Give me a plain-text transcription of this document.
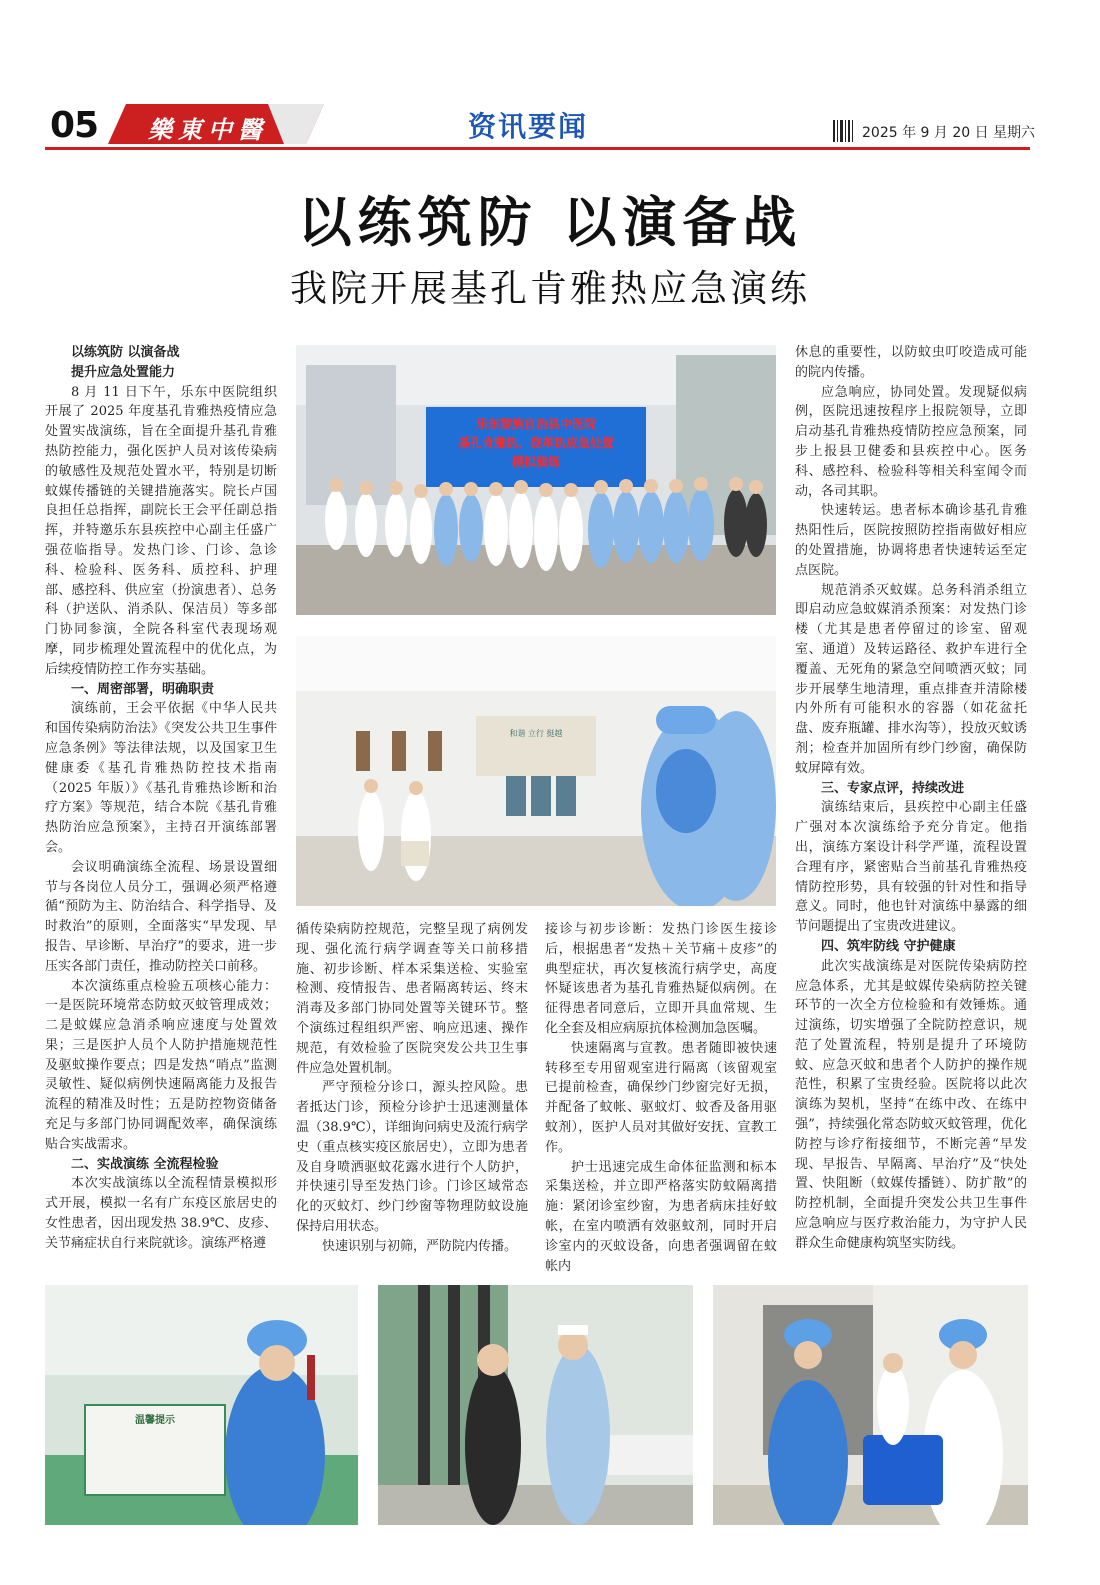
05 樂東中醫	资讯要闻	2025 年 9 月 20 日 星期六
以练筑防 以演备战
我院开展基孔肯雅热应急演练
以练筑防 以演备战
提升应急处置能力

8 月 11 日下午，乐东中医院组织开展了 2025 年度基孔肯雅热疫情应急处置实战演练，旨在全面提升基孔肯雅热防控能力，强化医护人员对该传染病的敏感性及规范处置水平，特别是切断蚊媒传播链的关键措施落实。院长卢国良担任总指挥，副院长王会平任副总指挥，并特邀乐东县疾控中心副主任盛广强莅临指导。发热门诊、门诊、急诊科、检验科、医务科、质控科、护理部、感控科、供应室（扮演患者）、总务科（护送队、消杀队、保洁员）等多部门协同参演，全院各科室代表现场观摩，同步梳理处置流程中的优化点，为后续疫情防控工作夯实基础。

一、周密部署，明确职责

演练前，王会平依据《中华人民共和国传染病防治法》《突发公共卫生事件应急条例》等法律法规，以及国家卫生健康委《基孔肯雅热防控技术指南（2025 年版）》《基孔肯雅热诊断和治疗方案》等规范，结合本院《基孔肯雅热防治应急预案》，主持召开演练部署会。

会议明确演练全流程、场景设置细节与各岗位人员分工，强调必须严格遵循“预防为主、防治结合、科学指导、及时救治”的原则，全面落实“早发现、早报告、早诊断、早治疗”的要求，进一步压实各部门责任，推动防控关口前移。

本次演练重点检验五项核心能力：一是医院环境常态防蚊灭蚊管理成效；二是蚊媒应急消杀响应速度与处置效果；三是医护人员个人防护措施规范性及驱蚊操作要点；四是发热“哨点”监测灵敏性、疑似病例快速隔离能力及报告流程的精准及时性；五是防控物资储备充足与多部门协同调配效率，确保演练贴合实战需求。

二、实战演练 全流程检验

本次实战演练以全流程情景模拟形式开展，模拟一名有广东疫区旅居史的女性患者，因出现发热 38.9℃、皮疹、关节痛症状自行来院就诊。演练严格遵

乐东黎族自治县中医院
基孔肯雅热、登革热应急处置
模拟演练
和谐 立行 挺越

循传染病防控规范，完整呈现了病例发现、强化流行病学调查等关口前移措施、初步诊断、样本采集送检、实验室检测、疫情报告、患者隔离转运、终末消毒及多部门协同处置等关键环节。整个演练过程组织严密、响应迅速、操作规范，有效检验了医院突发公共卫生事件应急处置机制。

严守预检分诊口，源头控风险。患者抵达门诊，预检分诊护士迅速测量体温（38.9℃），详细询问病史及流行病学史（重点核实疫区旅居史），立即为患者及自身喷洒驱蚊花露水进行个人防护，并快速引导至发热门诊。门诊区域常态化的灭蚊灯、纱门纱窗等物理防蚊设施保持启用状态。

快速识别与初筛，严防院内传播。

接诊与初步诊断：发热门诊医生接诊后，根据患者“发热＋关节痛＋皮疹”的典型症状，再次复核流行病学史，高度怀疑该患者为基孔肯雅热疑似病例。在征得患者同意后，立即开具血常规、生化全套及相应病原抗体检测加急医嘱。

快速隔离与宣教。患者随即被快速转移至专用留观室进行隔离（该留观室已提前检查，确保纱门纱窗完好无损，并配备了蚊帐、驱蚊灯、蚊香及备用驱蚊剂），医护人员对其做好安抚、宣教工作。

护士迅速完成生命体征监测和标本采集送检，并立即严格落实防蚊隔离措施：紧闭诊室纱窗，为患者病床挂好蚊帐，在室内喷洒有效驱蚊剂，同时开启诊室内的灭蚊设备，向患者强调留在蚊帐内

休息的重要性，以防蚊虫叮咬造成可能的院内传播。

应急响应，协同处置。发现疑似病例，医院迅速按程序上报院领导，立即启动基孔肯雅热疫情防控应急预案，同步上报县卫健委和县疾控中心。医务科、感控科、检验科等相关科室闻令而动，各司其职。

快速转运。患者标本确诊基孔肯雅热阳性后，医院按照防控指南做好相应的处置措施，协调将患者快速转运至定点医院。

规范消杀灭蚊媒。总务科消杀组立即启动应急蚊媒消杀预案：对发热门诊楼（尤其是患者停留过的诊室、留观室、通道）及转运路径、救护车进行全覆盖、无死角的紧急空间喷洒灭蚊；同步开展孳生地清理，重点排查并清除楼内外所有可能积水的容器（如花盆托盘、废弃瓶罐、排水沟等），投放灭蚊诱剂；检查并加固所有纱门纱窗，确保防蚊屏障有效。

三、专家点评，持续改进

演练结束后，县疾控中心副主任盛广强对本次演练给予充分肯定。他指出，演练方案设计科学严谨，流程设置合理有序，紧密贴合当前基孔肯雅热疫情防控形势，具有较强的针对性和指导意义。同时，他也针对演练中暴露的细节问题提出了宝贵改进建议。

四、筑牢防线 守护健康

此次实战演练是对医院传染病防控应急体系，尤其是蚊媒传染病防控关键环节的一次全方位检验和有效锤炼。通过演练，切实增强了全院防控意识，规范了处置流程，特别是提升了环境防蚊、应急灭蚊和患者个人防护的操作规范性，积累了宝贵经验。医院将以此次演练为契机，坚持“在练中改、在练中强”，持续强化常态防蚊灭蚊管理，优化防控与诊疗衔接细节，不断完善“早发现、早报告、早隔离、早治疗”及“快处置、快阻断（蚊媒传播链）、防扩散”的防控机制，全面提升突发公共卫生事件应急响应与医疗救治能力，为守护人民群众生命健康构筑坚实防线。

温馨提示
